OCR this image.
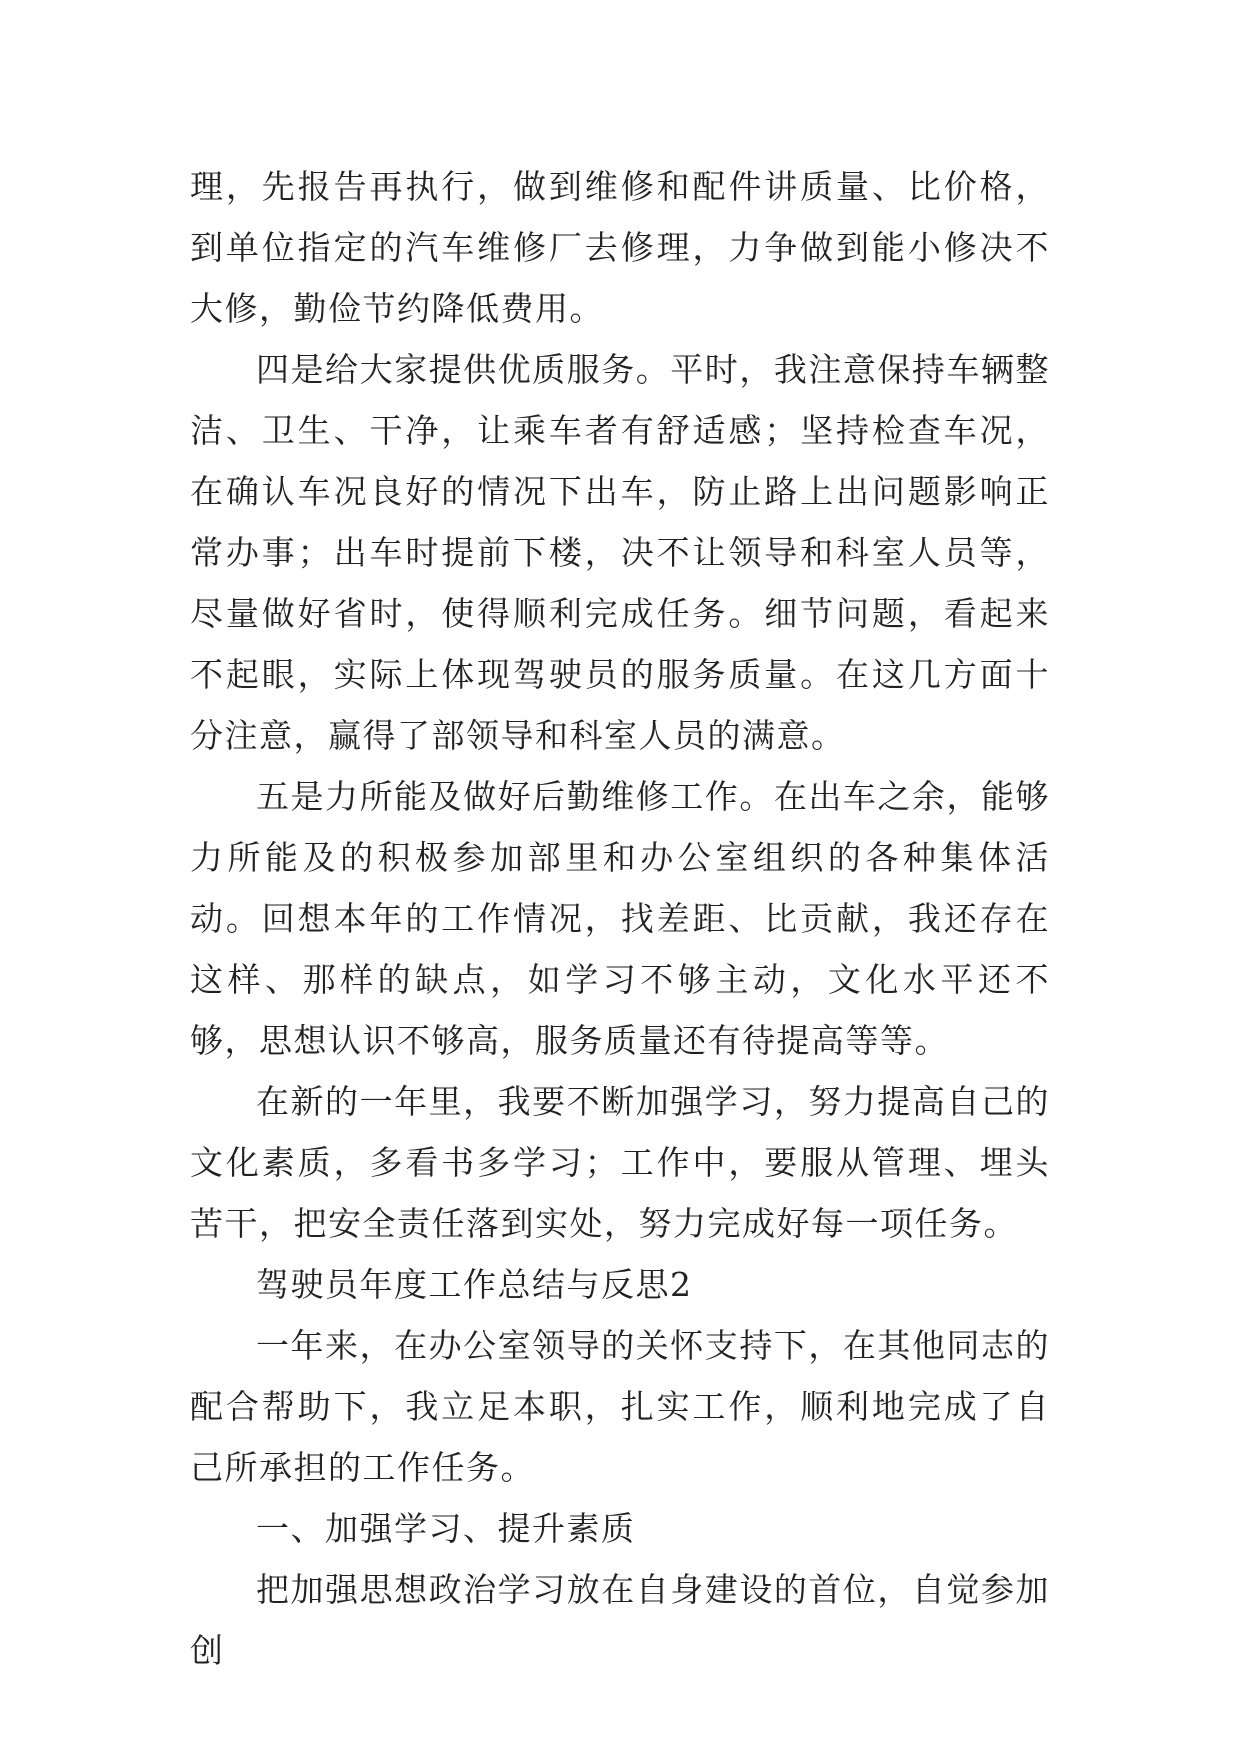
理，先报告再执行，做到维修和配件讲质量、比价格，到单位指定的汽车维修厂去修理，力争做到能小修决不大修，勤俭节约降低费用。

四是给大家提供优质服务。平时，我注意保持车辆整洁、卫生、干净，让乘车者有舒适感；坚持检查车况，在确认车况良好的情况下出车，防止路上出问题影响正常办事；出车时提前下楼，决不让领导和科室人员等，尽量做好省时，使得顺利完成任务。细节问题，看起来不起眼，实际上体现驾驶员的服务质量。在这几方面十分注意，赢得了部领导和科室人员的满意。

五是力所能及做好后勤维修工作。在出车之余，能够力所能及的积极参加部里和办公室组织的各种集体活动。回想本年的工作情况，找差距、比贡献，我还存在这样、那样的缺点，如学习不够主动，文化水平还不够，思想认识不够高，服务质量还有待提高等等。

在新的一年里，我要不断加强学习，努力提高自己的文化素质，多看书多学习；工作中，要服从管理、埋头苦干，把安全责任落到实处，努力完成好每一项任务。

驾驶员年度工作总结与反思2

一年来，在办公室领导的关怀支持下，在其他同志的配合帮助下，我立足本职，扎实工作，顺利地完成了自己所承担的工作任务。

一、加强学习、提升素质

把加强思想政治学习放在自身建设的首位，自觉参加创
